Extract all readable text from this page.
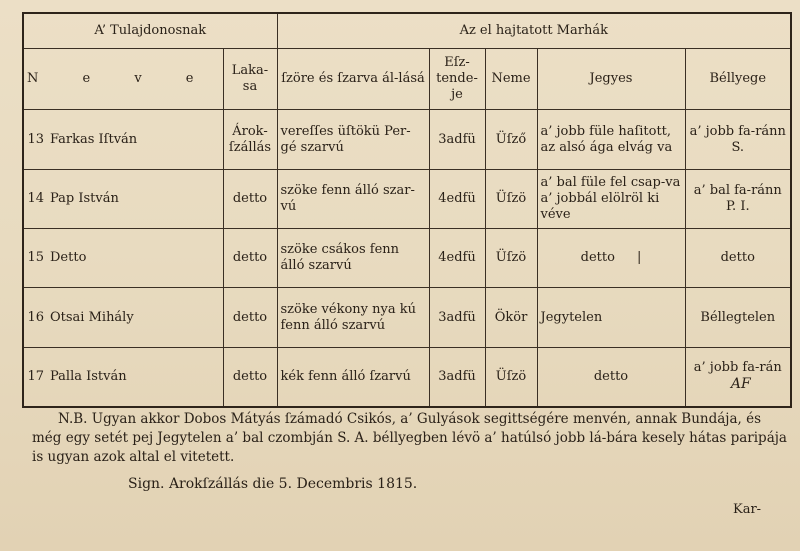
A’ Tulajdonosnak			Az el hajtatott Marhák				
N e v e		Laka-sa	ſzöre és ſzarva ál-lásá	Eſz-tende-je	Neme	Jegyes	Béllyege
13	Farkas Iſtván	Árok-ſzállás	vereſſes üſtökü Per-gé szarvú	3adfü	Üſző	a’ jobb füle haſitott, az alsó ága elvág va	a’ jobb fa-ránn S.
14	Pap István	detto	szöke fenn álló szar-vú	4edfü	Üſzö	a’ bal füle fel csap-va a’ jobbál elölröl ki véve	a’ bal fa-ránn P. I.
15	Detto	detto	szöke csákos fenn álló szarvú	4edfü	Üſzö	detto |	detto
16	Otsai Mihály	detto	szöke vékony nya kú fenn álló szarvú	3adfü	Ökör	Jegytelen	Béllegtelen
17	Palla István	detto	kék fenn álló ſzarvú	3adfü	Üſzö	detto	a’ jobb fa-rán AF

N.B. Ugyan akkor Dobos Mátyás ſzámadó Csikós, a’ Gulyások segittségére menvén, annak Bundája, és még egy setét pej Jegytelen a’ bal czombján S. A. béllyegben lévö a’ hatúlsó jobb lá-bára kesely hátas paripája is ugyan azok altal el vitetett.

Sign. Arokſzállás die 5. Decembris 1815.
Kar-
